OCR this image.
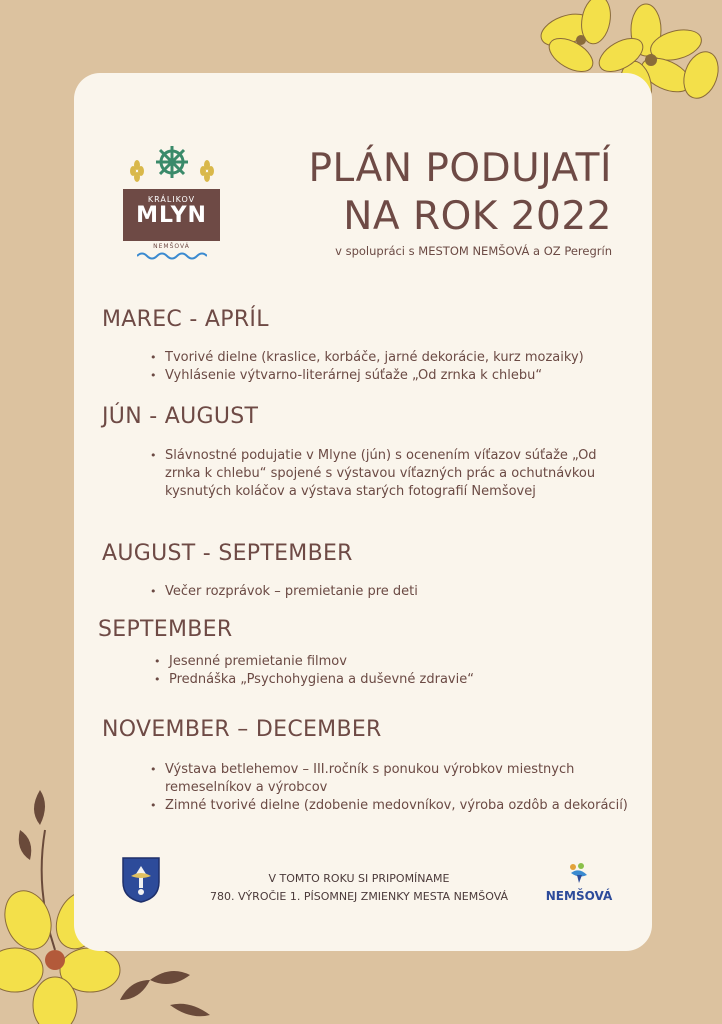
KRÁLIKOV
MLYN
NEMŠOVÁ
PLÁN PODUJATÍ
NA ROK 2022
v spolupráci s MESTOM NEMŠOVÁ a OZ Peregrín
MAREC - APRÍL
• Tvorivé dielne (kraslice, korbáče, jarné dekorácie, kurz mozaiky)
• Vyhlásenie výtvarno-literárnej súťaže „Od zrnka k chlebu“
JÚN - AUGUST
• Slávnostné podujatie v Mlyne (jún) s ocenením víťazov súťaže „Od zrnka k chlebu“ spojené s výstavou víťazných prác a ochutnávkou kysnutých koláčov a výstava starých fotografií Nemšovej
AUGUST - SEPTEMBER
• Večer rozprávok – premietanie pre deti
SEPTEMBER
• Jesenné premietanie filmov
• Prednáška „Psychohygiena a duševné zdravie“
NOVEMBER – DECEMBER
• Výstava betlehemov – III.ročník s ponukou výrobkov miestnych remeselníkov a výrobcov
• Zimné tvorivé dielne (zdobenie medovníkov, výroba ozdôb a dekorácií)
V TOMTO ROKU SI PRIPOMÍNAME
780. VÝROČIE 1. PÍSOMNEJ ZMIENKY MESTA NEMŠOVÁ	NEMŠOVÁ
